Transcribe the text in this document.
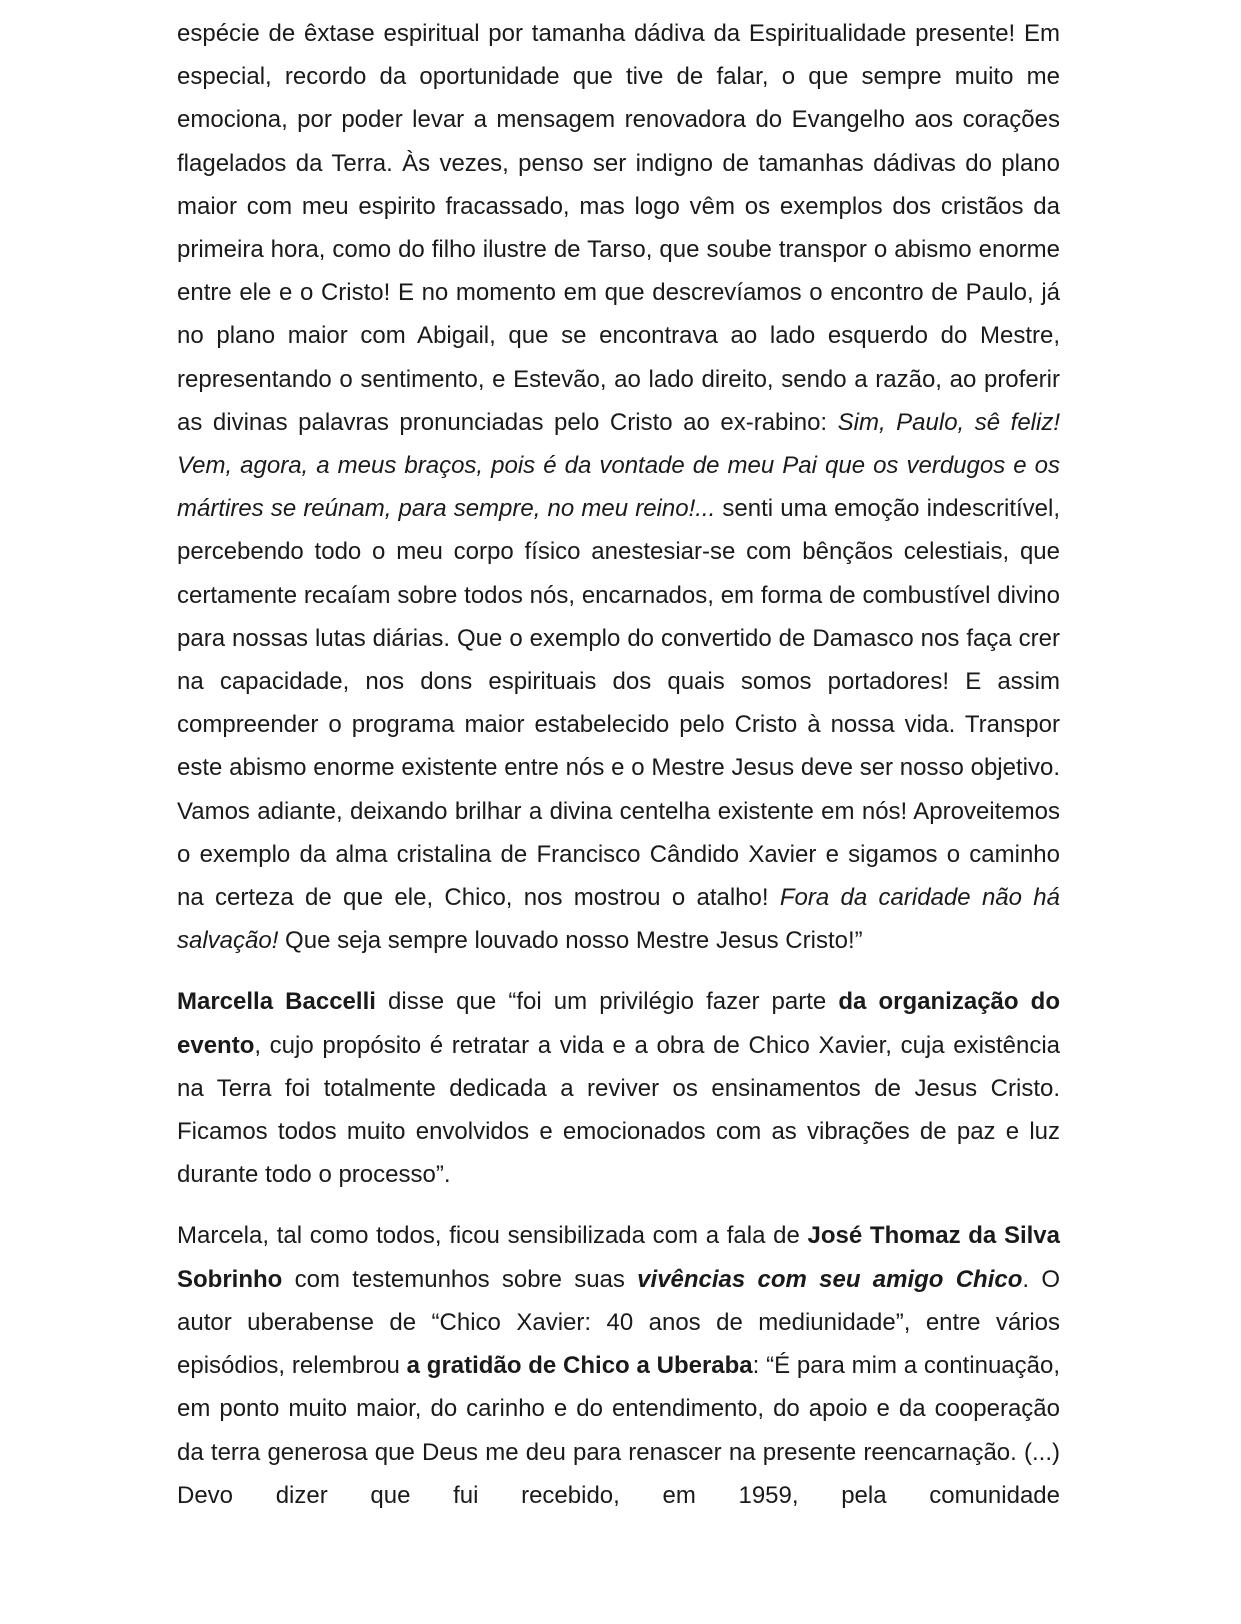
espécie de êxtase espiritual por tamanha dádiva da Espiritualidade presente! Em especial, recordo da oportunidade que tive de falar, o que sempre muito me emociona, por poder levar a mensagem renovadora do Evangelho aos corações flagelados da Terra. Às vezes, penso ser indigno de tamanhas dádivas do plano maior com meu espirito fracassado, mas logo vêm os exemplos dos cristãos da primeira hora, como do filho ilustre de Tarso, que soube transpor o abismo enorme entre ele e o Cristo! E no momento em que descrevíamos o encontro de Paulo, já no plano maior com Abigail, que se encontrava ao lado esquerdo do Mestre, representando o sentimento, e Estevão, ao lado direito, sendo a razão, ao proferir as divinas palavras pronunciadas pelo Cristo ao ex-rabino: Sim, Paulo, sê feliz! Vem, agora, a meus braços, pois é da vontade de meu Pai que os verdugos e os mártires se reúnam, para sempre, no meu reino!... senti uma emoção indescritível, percebendo todo o meu corpo físico anestesiar-se com bênçãos celestiais, que certamente recaíam sobre todos nós, encarnados, em forma de combustível divino para nossas lutas diárias. Que o exemplo do convertido de Damasco nos faça crer na capacidade, nos dons espirituais dos quais somos portadores! E assim compreender o programa maior estabelecido pelo Cristo à nossa vida. Transpor este abismo enorme existente entre nós e o Mestre Jesus deve ser nosso objetivo. Vamos adiante, deixando brilhar a divina centelha existente em nós! Aproveitemos o exemplo da alma cristalina de Francisco Cândido Xavier e sigamos o caminho na certeza de que ele, Chico, nos mostrou o atalho! Fora da caridade não há salvação! Que seja sempre louvado nosso Mestre Jesus Cristo!”

Marcella Baccelli disse que “foi um privilégio fazer parte da organização do evento, cujo propósito é retratar a vida e a obra de Chico Xavier, cuja existência na Terra foi totalmente dedicada a reviver os ensinamentos de Jesus Cristo. Ficamos todos muito envolvidos e emocionados com as vibrações de paz e luz durante todo o processo”.

Marcela, tal como todos, ficou sensibilizada com a fala de José Thomaz da Silva Sobrinho com testemunhos sobre suas vivências com seu amigo Chico. O autor uberabense de “Chico Xavier: 40 anos de mediunidade”, entre vários episódios, relembrou a gratidão de Chico a Uberaba: “É para mim a continuação, em ponto muito maior, do carinho e do entendimento, do apoio e da cooperação da terra generosa que Deus me deu para renascer na presente reencarnação. (...) Devo dizer que fui recebido, em 1959, pela comunidade
